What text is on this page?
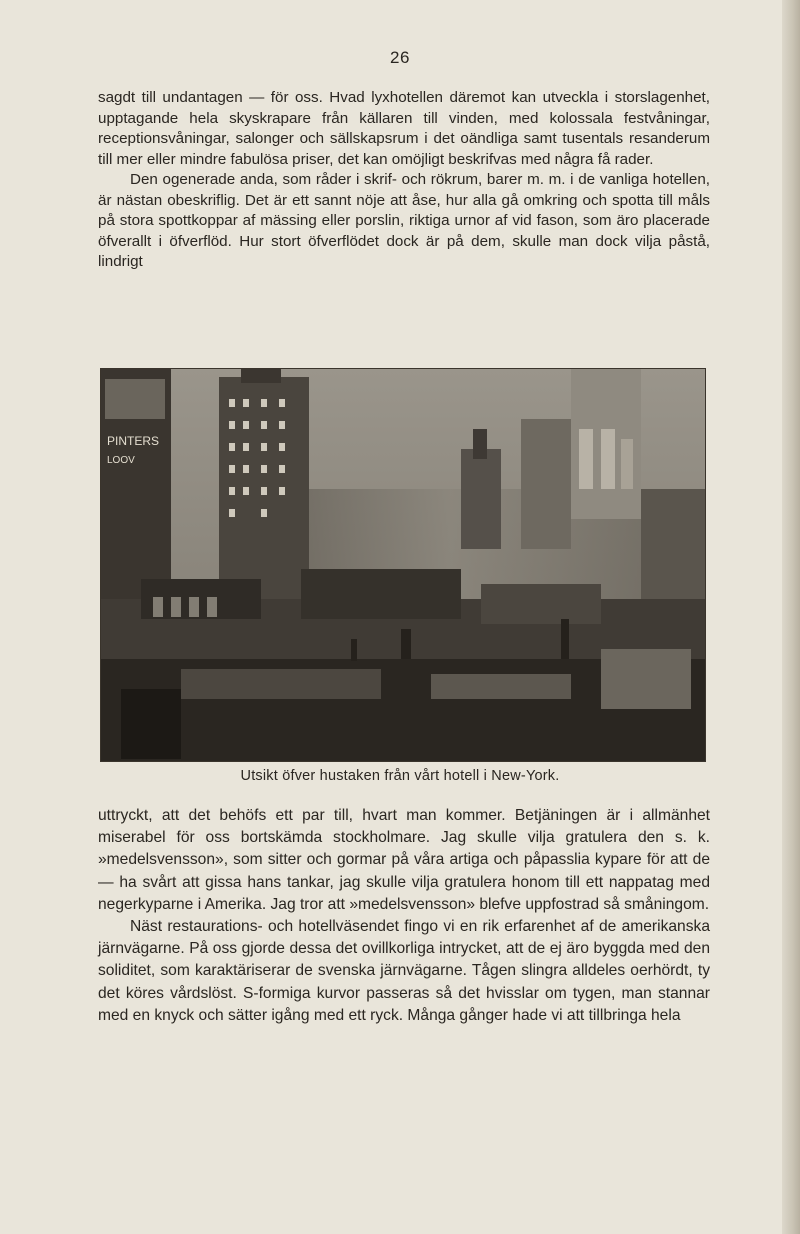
26

sagdt till undantagen — för oss. Hvad lyxhotellen däremot kan utveckla i storslagenhet, upptagande hela skyskrapare från källaren till vinden, med kolossala festvåningar, receptionsvåningar, salonger och sällskapsrum i det oändliga samt tusentals resanderum till mer eller mindre fabulösa priser, det kan omöjligt beskrifvas med några få rader.

Den ogenerade anda, som råder i skrif- och rökrum, barer m. m. i de vanliga hotellen, är nästan obeskriflig. Det är ett sannt nöje att åse, hur alla gå omkring och spotta till måls på stora spottkoppar af mässing eller porslin, riktiga urnor af vid fason, som äro placerade öfverallt i öfverflöd. Hur stort öfverflödet dock är på dem, skulle man dock vilja påstå, lindrigt

PINTERS
LOOV
Utsikt öfver hustaken från vårt hotell i New-York.

uttryckt, att det behöfs ett par till, hvart man kommer. Betjäningen är i allmänhet miserabel för oss bortskämda stockholmare. Jag skulle vilja gratulera den s. k. »medelsvensson», som sitter och gormar på våra artiga och påpasslia kypare för att de — ha svårt att gissa hans tankar, jag skulle vilja gratulera honom till ett nappatag med negerkyparne i Amerika. Jag tror att »medelsvensson» blefve uppfostrad så småningom.

Näst restaurations- och hotellväsendet fingo vi en rik erfarenhet af de amerikanska järnvägarne. På oss gjorde dessa det ovillkorliga intrycket, att de ej äro byggda med den soliditet, som karaktäriserar de svenska järnvägarne. Tågen slingra alldeles oerhördt, ty det köres vårdslöst. S-formiga kurvor passeras så det hvisslar om tygen, man stannar med en knyck och sätter igång med ett ryck. Många gånger hade vi att tillbringa hela
